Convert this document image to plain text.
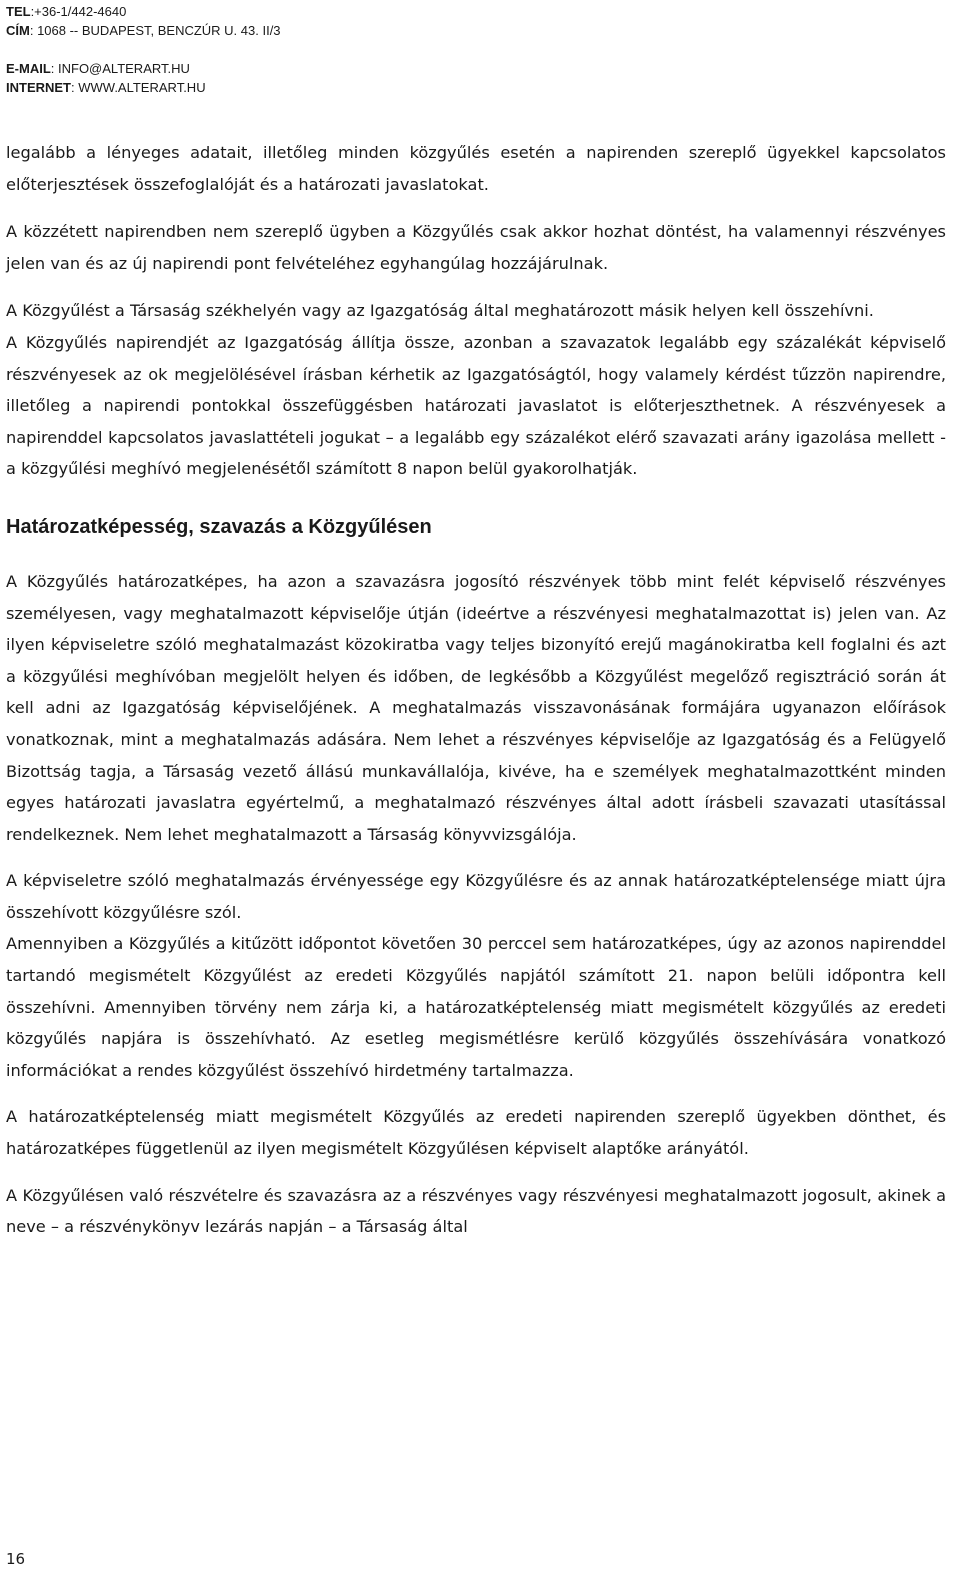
TEL:+36-1/442-4640
CÍM: 1068 -- BUDAPEST, BENCZÚR U. 43. II/3
E-MAIL: INFO@ALTERART.HU
INTERNET: WWW.ALTERART.HU

legalább a lényeges adatait, illetőleg minden közgyűlés esetén a napirenden szereplő ügyekkel kapcsolatos előterjesztések összefoglalóját és a határozati javaslatokat.

A közzétett napirendben nem szereplő ügyben a Közgyűlés csak akkor hozhat döntést, ha valamennyi részvényes jelen van és az új napirendi pont felvételéhez egyhangúlag hozzájárulnak.

A Közgyűlést a Társaság székhelyén vagy az Igazgatóság által meghatározott másik helyen kell összehívni.

A Közgyűlés napirendjét az Igazgatóság állítja össze, azonban a szavazatok legalább egy százalékát képviselő részvényesek az ok megjelölésével írásban kérhetik az Igazgatóságtól, hogy valamely kérdést tűzzön napirendre, illetőleg a napirendi pontokkal összefüggésben határozati javaslatot is előterjeszthetnek. A részvényesek a napirenddel kapcsolatos javaslattételi jogukat – a legalább egy százalékot elérő szavazati arány igazolása mellett - a közgyűlési meghívó megjelenésétől számított 8 napon belül gyakorolhatják.

Határozatképesség, szavazás a Közgyűlésen

A Közgyűlés határozatképes, ha azon a szavazásra jogosító részvények több mint felét képviselő részvényes személyesen, vagy meghatalmazott képviselője útján (ideértve a részvényesi meghatalmazottat is) jelen van. Az ilyen képviseletre szóló meghatalmazást közokiratba vagy teljes bizonyító erejű magánokiratba kell foglalni és azt a közgyűlési meghívóban megjelölt helyen és időben, de legkésőbb a Közgyűlést megelőző regisztráció során át kell adni az Igazgatóság képviselőjének. A meghatalmazás visszavonásának formájára ugyanazon előírások vonatkoznak, mint a meghatalmazás adására. Nem lehet a részvényes képviselője az Igazgatóság és a Felügyelő Bizottság tagja, a Társaság vezető állású munkavállalója, kivéve, ha e személyek meghatalmazottként minden egyes határozati javaslatra egyértelmű, a meghatalmazó részvényes által adott írásbeli szavazati utasítással rendelkeznek. Nem lehet meghatalmazott a Társaság könyvvizsgálója.

A képviseletre szóló meghatalmazás érvényessége egy Közgyűlésre és az annak határozatképtelensége miatt újra összehívott közgyűlésre szól.

Amennyiben a Közgyűlés a kitűzött időpontot követően 30 perccel sem határozatképes, úgy az azonos napirenddel tartandó megismételt Közgyűlést az eredeti Közgyűlés napjától számított 21. napon belüli időpontra kell összehívni. Amennyiben törvény nem zárja ki, a határozatképtelenség miatt megismételt közgyűlés az eredeti közgyűlés napjára is összehívható. Az esetleg megismétlésre kerülő közgyűlés összehívására vonatkozó információkat a rendes közgyűlést összehívó hirdetmény tartalmazza.

A határozatképtelenség miatt megismételt Közgyűlés az eredeti napirenden szereplő ügyekben dönthet, és határozatképes függetlenül az ilyen megismételt Közgyűlésen képviselt alaptőke arányától.

A Közgyűlésen való részvételre és szavazásra az a részvényes vagy részvényesi meghatalmazott jogosult, akinek a neve – a részvénykönyv lezárás napján – a Társaság által

16
